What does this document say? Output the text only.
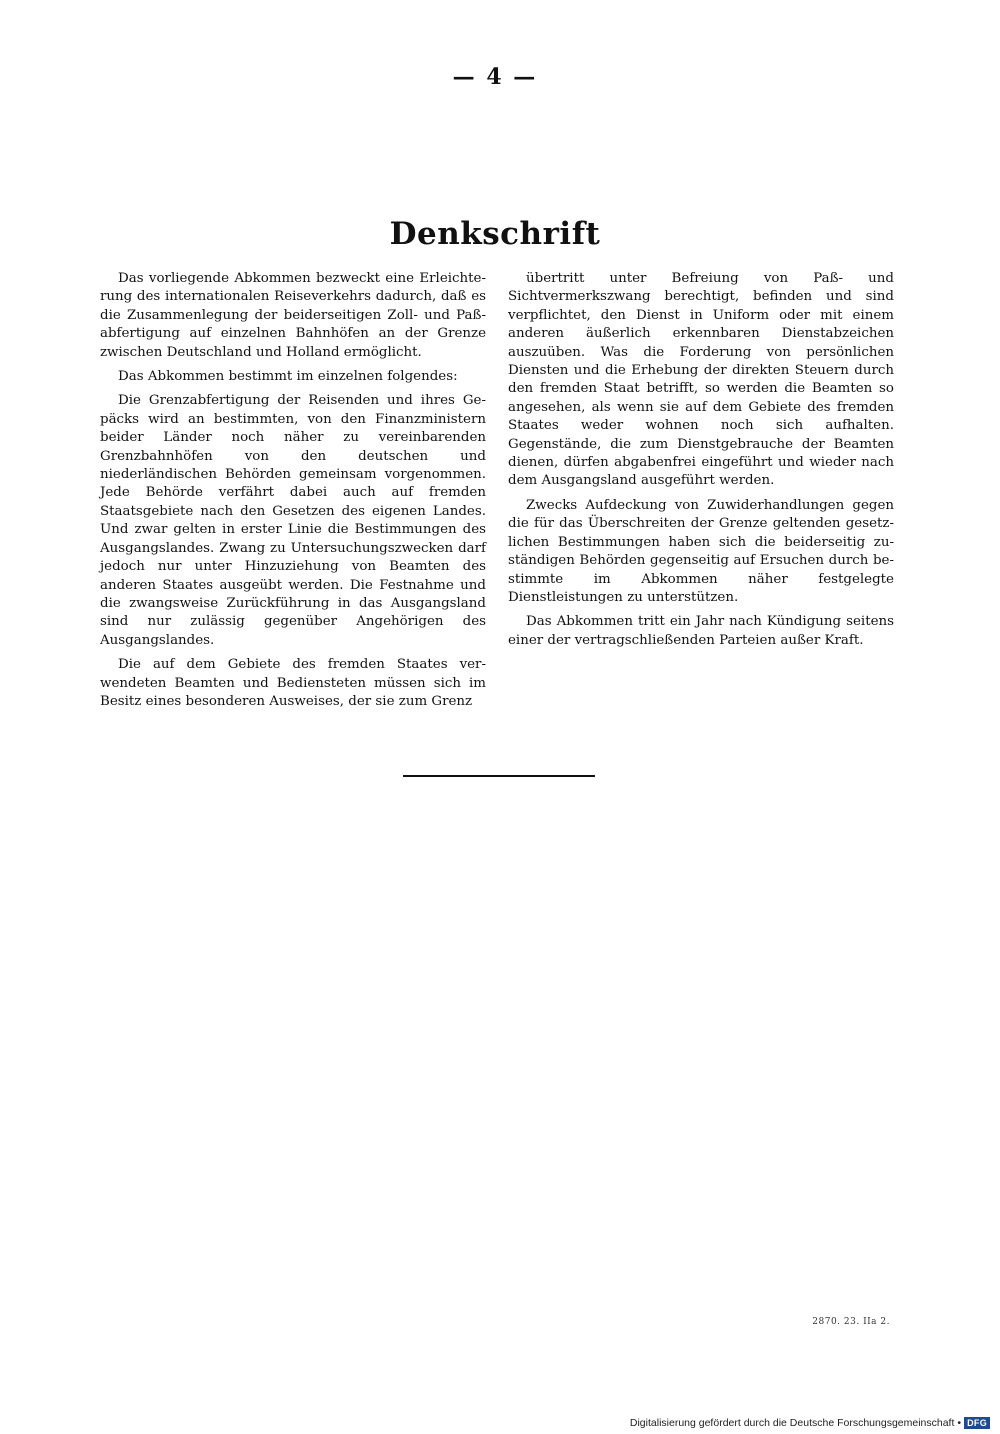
— 4 —
Denkschrift

Das vorliegende Abkommen bezweckt eine Erleichterung des internationalen Reiseverkehrs dadurch, daß es die Zusammenlegung der beiderseitigen Zoll- und Paßabfertigung auf einzelnen Bahnhöfen an der Grenze zwischen Deutschland und Holland ermöglicht.

Das Abkommen bestimmt im einzelnen folgendes:

Die Grenzabfertigung der Reisenden und ihres Gepäcks wird an bestimmten, von den Finanzministern beider Länder noch näher zu vereinbarenden Grenzbahnhöfen von den deutschen und niederländischen Behörden gemeinsam vorgenommen. Jede Behörde verfährt dabei auch auf fremden Staatsgebiete nach den Gesetzen des eigenen Landes. Und zwar gelten in erster Linie die Bestimmungen des Ausgangslandes. Zwang zu Untersuchungszwecken darf jedoch nur unter Hinzuziehung von Beamten des anderen Staates ausgeübt werden. Die Festnahme und die zwangsweise Zurückführung in das Ausgangsland sind nur zulässig gegenüber Angehörigen des Ausgangslandes.

Die auf dem Gebiete des fremden Staates verwendeten Beamten und Bediensteten müssen sich im Besitz eines besonderen Ausweises, der sie zum Grenz

übertritt unter Befreiung von Paß- und Sichtvermerkszwang berechtigt, befinden und sind verpflichtet, den Dienst in Uniform oder mit einem anderen äußerlich erkennbaren Dienstabzeichen auszuüben. Was die Forderung von persönlichen Diensten und die Erhebung der direkten Steuern durch den fremden Staat betrifft, so werden die Beamten so angesehen, als wenn sie auf dem Gebiete des fremden Staates weder wohnen noch sich aufhalten. Gegenstände, die zum Dienstgebrauche der Beamten dienen, dürfen abgabenfrei eingeführt und wieder nach dem Ausgangsland ausgeführt werden.

Zwecks Aufdeckung von Zuwiderhandlungen gegen die für das Überschreiten der Grenze geltenden gesetzlichen Bestimmungen haben sich die beiderseitig zuständigen Behörden gegenseitig auf Ersuchen durch bestimmte im Abkommen näher festgelegte Dienstleistungen zu unterstützen.

Das Abkommen tritt ein Jahr nach Kündigung seitens einer der vertragschließenden Parteien außer Kraft.

2870. 23. IIa 2.
Digitalisierung gefördert durch die Deutsche Forschungsgemeinschaft • DFG
